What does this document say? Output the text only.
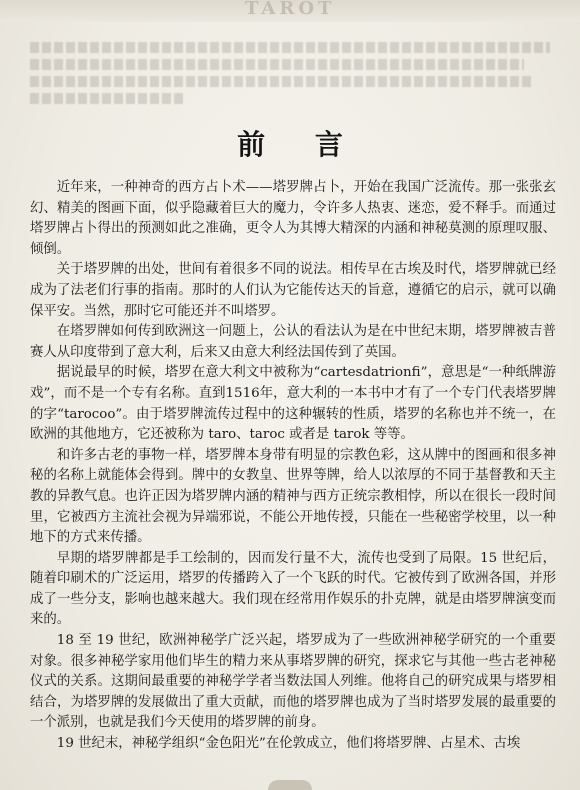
TAROT
前 言

近年来，一种神奇的西方占卜术——塔罗牌占卜，开始在我国广泛流传。那一张张玄幻、精美的图画下面，似乎隐藏着巨大的魔力，令许多人热衷、迷恋，爱不释手。而通过塔罗牌占卜得出的预测如此之准确，更令人为其博大精深的内涵和神秘莫测的原理叹服、倾倒。

关于塔罗牌的出处，世间有着很多不同的说法。相传早在古埃及时代，塔罗牌就已经成为了法老们行事的指南。那时的人们认为它能传达天的旨意，遵循它的启示，就可以确保平安。当然，那时它可能还并不叫塔罗。

在塔罗牌如何传到欧洲这一问题上，公认的看法认为是在中世纪末期，塔罗牌被吉普赛人从印度带到了意大利，后来又由意大利经法国传到了英国。

据说最早的时候，塔罗在意大利文中被称为“cartesdatrionfi”，意思是“一种纸牌游戏”，而不是一个专有名称。直到1516年，意大利的一本书中才有了一个专门代表塔罗牌的字“tarocoo”。由于塔罗牌流传过程中的这种辗转的性质，塔罗的名称也并不统一，在欧洲的其他地方，它还被称为 taro、taroc 或者是 tarok 等等。

和许多古老的事物一样，塔罗牌本身带有明显的宗教色彩，这从牌中的图画和很多神秘的名称上就能体会得到。牌中的女教皇、世界等牌，给人以浓厚的不同于基督教和天主教的异教气息。也许正因为塔罗牌内涵的精神与西方正统宗教相悖，所以在很长一段时间里，它被西方主流社会视为异端邪说，不能公开地传授，只能在一些秘密学校里，以一种地下的方式来传播。

早期的塔罗牌都是手工绘制的，因而发行量不大，流传也受到了局限。15 世纪后，随着印刷术的广泛运用，塔罗的传播跨入了一个飞跃的时代。它被传到了欧洲各国，并形成了一些分支，影响也越来越大。我们现在经常用作娱乐的扑克牌，就是由塔罗牌演变而来的。

18 至 19 世纪，欧洲神秘学广泛兴起，塔罗成为了一些欧洲神秘学研究的一个重要对象。很多神秘学家用他们毕生的精力来从事塔罗牌的研究，探求它与其他一些古老神秘仪式的关系。这期间最重要的神秘学学者当数法国人列维。他将自己的研究成果与塔罗相结合，为塔罗牌的发展做出了重大贡献，而他的塔罗牌也成为了当时塔罗发展的最重要的一个派别，也就是我们今天使用的塔罗牌的前身。

19 世纪末，神秘学组织“金色阳光”在伦敦成立，他们将塔罗牌、占星术、古埃
